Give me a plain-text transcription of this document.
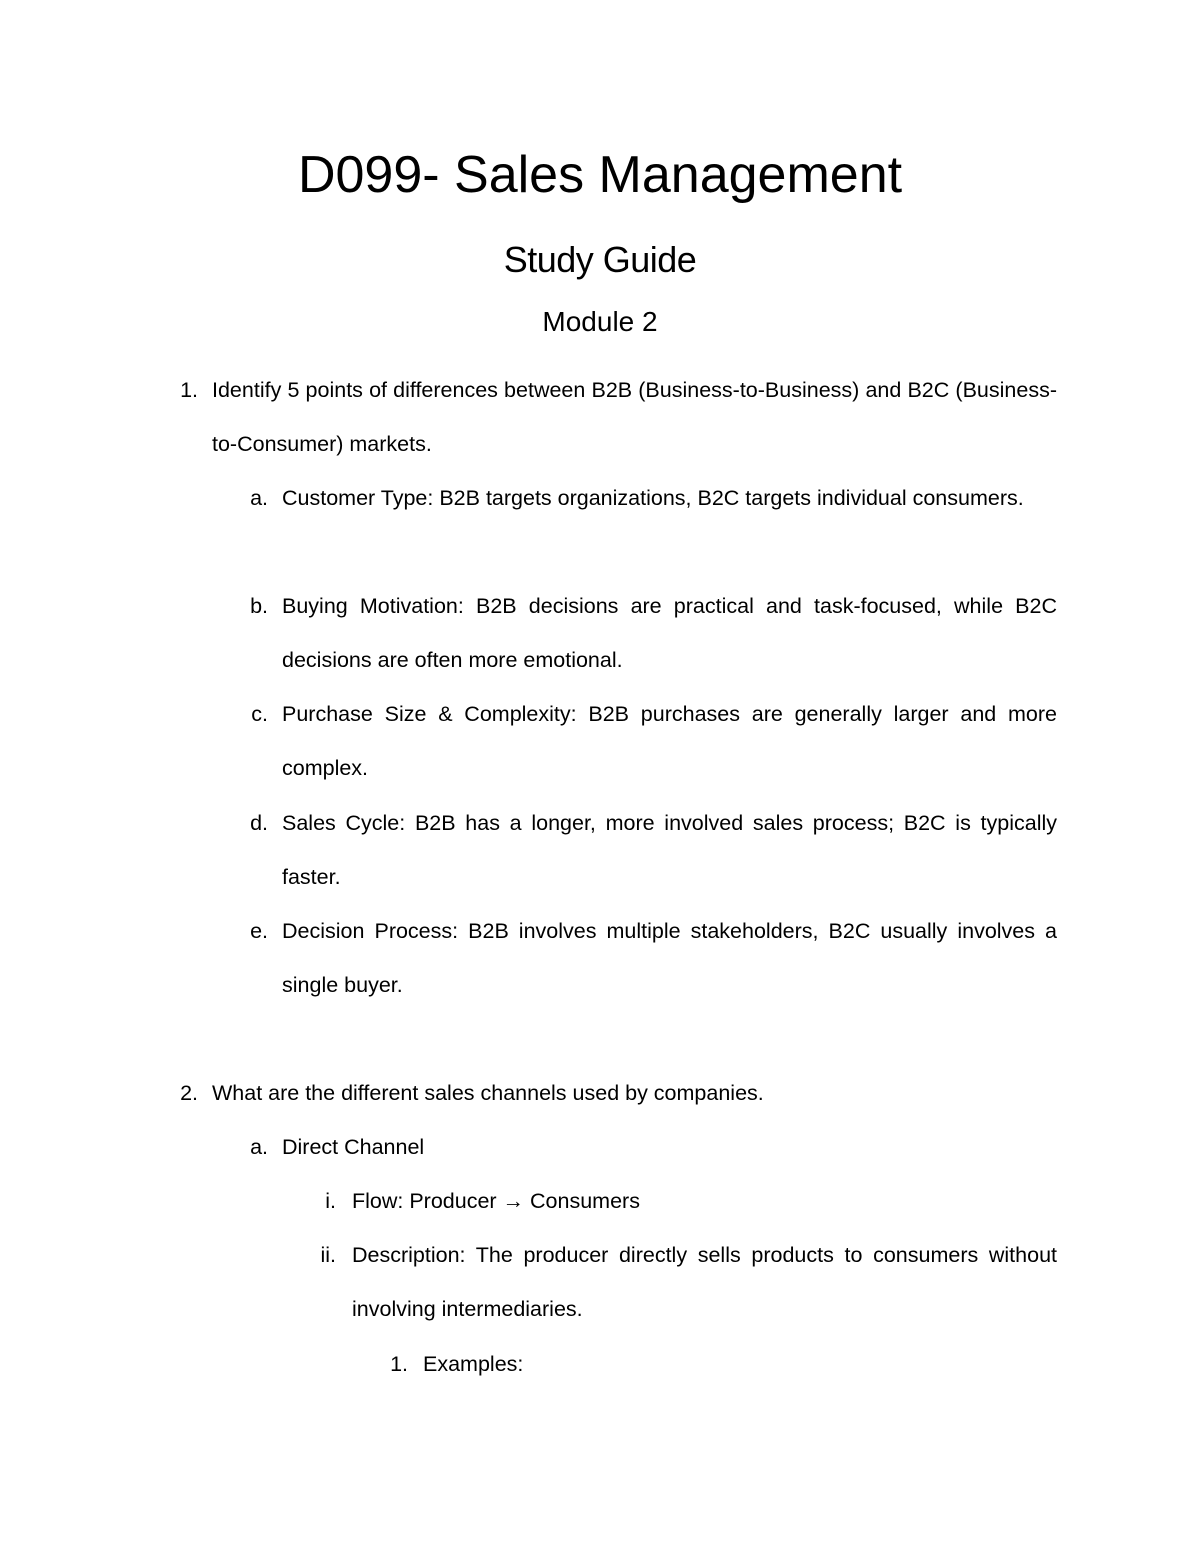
D099- Sales Management
Study Guide
Module 2
1. Identify 5 points of differences between B2B (Business-to-Business) and B2C (Business-to-Consumer) markets.
a. Customer Type: B2B targets organizations, B2C targets individual consumers.
b. Buying Motivation: B2B decisions are practical and task-focused, while B2C decisions are often more emotional.
c. Purchase Size & Complexity: B2B purchases are generally larger and more complex.
d. Sales Cycle: B2B has a longer, more involved sales process; B2C is typically faster.
e. Decision Process: B2B involves multiple stakeholders, B2C usually involves a single buyer.
2. What are the different sales channels used by companies.
a. Direct Channel
i. Flow: Producer → Consumers
ii. Description: The producer directly sells products to consumers without involving intermediaries.
1. Examples:
